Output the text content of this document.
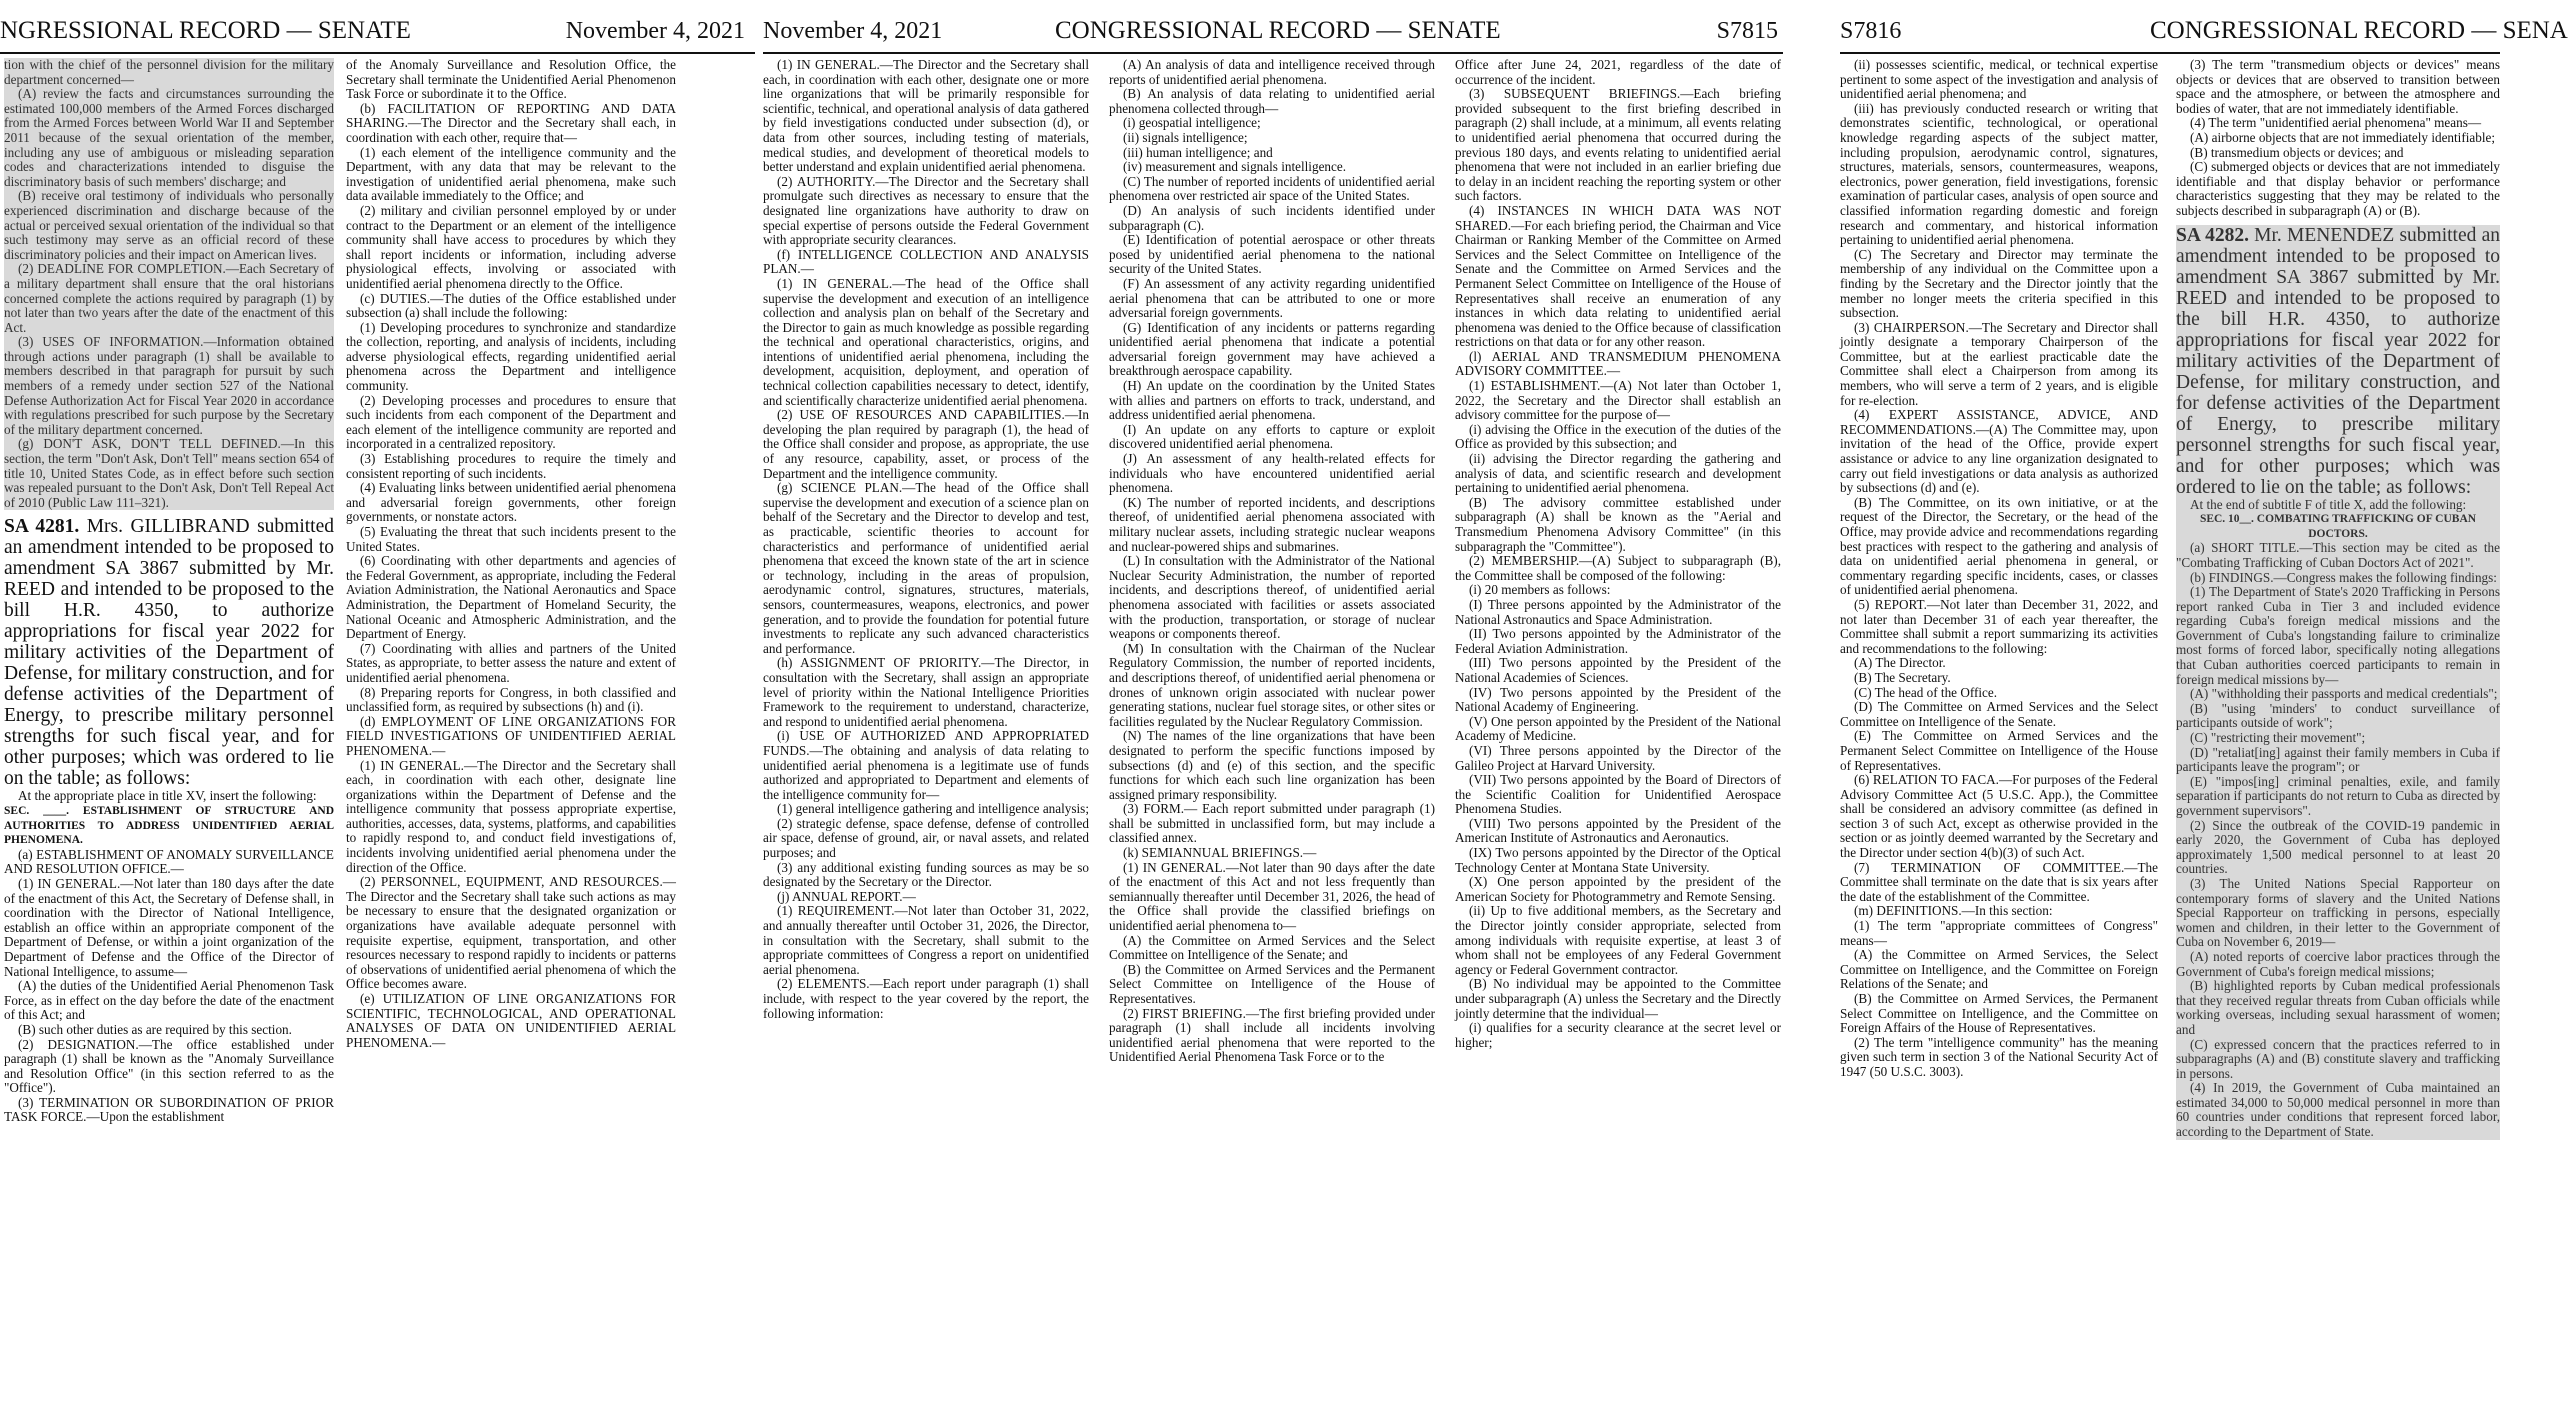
NGRESSIONAL RECORD — SENATE	November 4, 2021

tion with the chief of the personnel division for the military department concerned—

(A) review the facts and circumstances surrounding the estimated 100,000 members of the Armed Forces discharged from the Armed Forces between World War II and September 2011 because of the sexual orientation of the member, including any use of ambiguous or misleading separation codes and characterizations intended to disguise the discriminatory basis of such members' discharge; and

(B) receive oral testimony of individuals who personally experienced discrimination and discharge because of the actual or perceived sexual orientation of the individual so that such testimony may serve as an official record of these discriminatory policies and their impact on American lives.

(2) DEADLINE FOR COMPLETION.—Each Secretary of a military department shall ensure that the oral historians concerned complete the actions required by paragraph (1) by not later than two years after the date of the enactment of this Act.

(3) USES OF INFORMATION.—Information obtained through actions under paragraph (1) shall be available to members described in that paragraph for pursuit by such members of a remedy under section 527 of the National Defense Authorization Act for Fiscal Year 2020 in accordance with regulations prescribed for such purpose by the Secretary of the military department concerned.

(g) DON'T ASK, DON'T TELL DEFINED.—In this section, the term "Don't Ask, Don't Tell" means section 654 of title 10, United States Code, as in effect before such section was repealed pursuant to the Don't Ask, Don't Tell Repeal Act of 2010 (Public Law 111–321).

SA 4281. Mrs. GILLIBRAND submitted an amendment intended to be proposed to amendment SA 3867 submitted by Mr. REED and intended to be proposed to the bill H.R. 4350, to authorize appropriations for fiscal year 2022 for military activities of the Department of Defense, for military construction, and for defense activities of the Department of Energy, to prescribe military personnel strengths for such fiscal year, and for other purposes; which was ordered to lie on the table; as follows:

At the appropriate place in title XV, insert the following:

SEC. ____. ESTABLISHMENT OF STRUCTURE AND AUTHORITIES TO ADDRESS UNIDENTIFIED AERIAL PHENOMENA.

(a) ESTABLISHMENT OF ANOMALY SURVEILLANCE AND RESOLUTION OFFICE.—

(1) IN GENERAL.—Not later than 180 days after the date of the enactment of this Act, the Secretary of Defense shall, in coordination with the Director of National Intelligence, establish an office within an appropriate component of the Department of Defense, or within a joint organization of the Department of Defense and the Office of the Director of National Intelligence, to assume—

(A) the duties of the Unidentified Aerial Phenomenon Task Force, as in effect on the day before the date of the enactment of this Act; and

(B) such other duties as are required by this section.

(2) DESIGNATION.—The office established under paragraph (1) shall be known as the "Anomaly Surveillance and Resolution Office" (in this section referred to as the "Office").

(3) TERMINATION OR SUBORDINATION OF PRIOR TASK FORCE.—Upon the establishment

of the Anomaly Surveillance and Resolution Office, the Secretary shall terminate the Unidentified Aerial Phenomenon Task Force or subordinate it to the Office.

(b) FACILITATION OF REPORTING AND DATA SHARING.—The Director and the Secretary shall each, in coordination with each other, require that—

(1) each element of the intelligence community and the Department, with any data that may be relevant to the investigation of unidentified aerial phenomena, make such data available immediately to the Office; and

(2) military and civilian personnel employed by or under contract to the Department or an element of the intelligence community shall have access to procedures by which they shall report incidents or information, including adverse physiological effects, involving or associated with unidentified aerial phenomena directly to the Office.

(c) DUTIES.—The duties of the Office established under subsection (a) shall include the following:

(1) Developing procedures to synchronize and standardize the collection, reporting, and analysis of incidents, including adverse physiological effects, regarding unidentified aerial phenomena across the Department and intelligence community.

(2) Developing processes and procedures to ensure that such incidents from each component of the Department and each element of the intelligence community are reported and incorporated in a centralized repository.

(3) Establishing procedures to require the timely and consistent reporting of such incidents.

(4) Evaluating links between unidentified aerial phenomena and adversarial foreign governments, other foreign governments, or nonstate actors.

(5) Evaluating the threat that such incidents present to the United States.

(6) Coordinating with other departments and agencies of the Federal Government, as appropriate, including the Federal Aviation Administration, the National Aeronautics and Space Administration, the Department of Homeland Security, the National Oceanic and Atmospheric Administration, and the Department of Energy.

(7) Coordinating with allies and partners of the United States, as appropriate, to better assess the nature and extent of unidentified aerial phenomena.

(8) Preparing reports for Congress, in both classified and unclassified form, as required by subsections (h) and (i).

(d) EMPLOYMENT OF LINE ORGANIZATIONS FOR FIELD INVESTIGATIONS OF UNIDENTIFIED AERIAL PHENOMENA.—

(1) IN GENERAL.—The Director and the Secretary shall each, in coordination with each other, designate line organizations within the Department of Defense and the intelligence community that possess appropriate expertise, authorities, accesses, data, systems, platforms, and capabilities to rapidly respond to, and conduct field investigations of, incidents involving unidentified aerial phenomena under the direction of the Office.

(2) PERSONNEL, EQUIPMENT, AND RESOURCES.—The Director and the Secretary shall take such actions as may be necessary to ensure that the designated organization or organizations have available adequate personnel with requisite expertise, equipment, transportation, and other resources necessary to respond rapidly to incidents or patterns of observations of unidentified aerial phenomena of which the Office becomes aware.

(e) UTILIZATION OF LINE ORGANIZATIONS FOR SCIENTIFIC, TECHNOLOGICAL, AND OPERATIONAL ANALYSES OF DATA ON UNIDENTIFIED AERIAL PHENOMENA.—

November 4, 2021	CONGRESSIONAL RECORD — SENATE	S7815

(1) IN GENERAL.—The Director and the Secretary shall each, in coordination with each other, designate one or more line organizations that will be primarily responsible for scientific, technical, and operational analysis of data gathered by field investigations conducted under subsection (d), or data from other sources, including testing of materials, medical studies, and development of theoretical models to better understand and explain unidentified aerial phenomena.

(2) AUTHORITY.—The Director and the Secretary shall promulgate such directives as necessary to ensure that the designated line organizations have authority to draw on special expertise of persons outside the Federal Government with appropriate security clearances.

(f) INTELLIGENCE COLLECTION AND ANALYSIS PLAN.—

(1) IN GENERAL.—The head of the Office shall supervise the development and execution of an intelligence collection and analysis plan on behalf of the Secretary and the Director to gain as much knowledge as possible regarding the technical and operational characteristics, origins, and intentions of unidentified aerial phenomena, including the development, acquisition, deployment, and operation of technical collection capabilities necessary to detect, identify, and scientifically characterize unidentified aerial phenomena.

(2) USE OF RESOURCES AND CAPABILITIES.—In developing the plan required by paragraph (1), the head of the Office shall consider and propose, as appropriate, the use of any resource, capability, asset, or process of the Department and the intelligence community.

(g) SCIENCE PLAN.—The head of the Office shall supervise the development and execution of a science plan on behalf of the Secretary and the Director to develop and test, as practicable, scientific theories to account for characteristics and performance of unidentified aerial phenomena that exceed the known state of the art in science or technology, including in the areas of propulsion, aerodynamic control, signatures, structures, materials, sensors, countermeasures, weapons, electronics, and power generation, and to provide the foundation for potential future investments to replicate any such advanced characteristics and performance.

(h) ASSIGNMENT OF PRIORITY.—The Director, in consultation with the Secretary, shall assign an appropriate level of priority within the National Intelligence Priorities Framework to the requirement to understand, characterize, and respond to unidentified aerial phenomena.

(i) USE OF AUTHORIZED AND APPROPRIATED FUNDS.—The obtaining and analysis of data relating to unidentified aerial phenomena is a legitimate use of funds authorized and appropriated to Department and elements of the intelligence community for—

(1) general intelligence gathering and intelligence analysis;

(2) strategic defense, space defense, defense of controlled air space, defense of ground, air, or naval assets, and related purposes; and

(3) any additional existing funding sources as may be so designated by the Secretary or the Director.

(j) ANNUAL REPORT.—

(1) REQUIREMENT.—Not later than October 31, 2022, and annually thereafter until October 31, 2026, the Director, in consultation with the Secretary, shall submit to the appropriate committees of Congress a report on unidentified aerial phenomena.

(2) ELEMENTS.—Each report under paragraph (1) shall include, with respect to the year covered by the report, the following information:

(A) An analysis of data and intelligence received through reports of unidentified aerial phenomena.

(B) An analysis of data relating to unidentified aerial phenomena collected through—

(i) geospatial intelligence;

(ii) signals intelligence;

(iii) human intelligence; and

(iv) measurement and signals intelligence.

(C) The number of reported incidents of unidentified aerial phenomena over restricted air space of the United States.

(D) An analysis of such incidents identified under subparagraph (C).

(E) Identification of potential aerospace or other threats posed by unidentified aerial phenomena to the national security of the United States.

(F) An assessment of any activity regarding unidentified aerial phenomena that can be attributed to one or more adversarial foreign governments.

(G) Identification of any incidents or patterns regarding unidentified aerial phenomena that indicate a potential adversarial foreign government may have achieved a breakthrough aerospace capability.

(H) An update on the coordination by the United States with allies and partners on efforts to track, understand, and address unidentified aerial phenomena.

(I) An update on any efforts to capture or exploit discovered unidentified aerial phenomena.

(J) An assessment of any health-related effects for individuals who have encountered unidentified aerial phenomena.

(K) The number of reported incidents, and descriptions thereof, of unidentified aerial phenomena associated with military nuclear assets, including strategic nuclear weapons and nuclear-powered ships and submarines.

(L) In consultation with the Administrator of the National Nuclear Security Administration, the number of reported incidents, and descriptions thereof, of unidentified aerial phenomena associated with facilities or assets associated with the production, transportation, or storage of nuclear weapons or components thereof.

(M) In consultation with the Chairman of the Nuclear Regulatory Commission, the number of reported incidents, and descriptions thereof, of unidentified aerial phenomena or drones of unknown origin associated with nuclear power generating stations, nuclear fuel storage sites, or other sites or facilities regulated by the Nuclear Regulatory Commission.

(N) The names of the line organizations that have been designated to perform the specific functions imposed by subsections (d) and (e) of this section, and the specific functions for which each such line organization has been assigned primary responsibility.

(3) FORM.— Each report submitted under paragraph (1) shall be submitted in unclassified form, but may include a classified annex.

(k) SEMIANNUAL BRIEFINGS.—

(1) IN GENERAL.—Not later than 90 days after the date of the enactment of this Act and not less frequently than semiannually thereafter until December 31, 2026, the head of the Office shall provide the classified briefings on unidentified aerial phenomena to—

(A) the Committee on Armed Services and the Select Committee on Intelligence of the Senate; and

(B) the Committee on Armed Services and the Permanent Select Committee on Intelligence of the House of Representatives.

(2) FIRST BRIEFING.—The first briefing provided under paragraph (1) shall include all incidents involving unidentified aerial phenomena that were reported to the Unidentified Aerial Phenomena Task Force or to the

Office after June 24, 2021, regardless of the date of occurrence of the incident.

(3) SUBSEQUENT BRIEFINGS.—Each briefing provided subsequent to the first briefing described in paragraph (2) shall include, at a minimum, all events relating to unidentified aerial phenomena that occurred during the previous 180 days, and events relating to unidentified aerial phenomena that were not included in an earlier briefing due to delay in an incident reaching the reporting system or other such factors.

(4) INSTANCES IN WHICH DATA WAS NOT SHARED.—For each briefing period, the Chairman and Vice Chairman or Ranking Member of the Committee on Armed Services and the Select Committee on Intelligence of the Senate and the Committee on Armed Services and the Permanent Select Committee on Intelligence of the House of Representatives shall receive an enumeration of any instances in which data relating to unidentified aerial phenomena was denied to the Office because of classification restrictions on that data or for any other reason.

(l) AERIAL AND TRANSMEDIUM PHENOMENA ADVISORY COMMITTEE.—

(1) ESTABLISHMENT.—(A) Not later than October 1, 2022, the Secretary and the Director shall establish an advisory committee for the purpose of—

(i) advising the Office in the execution of the duties of the Office as provided by this subsection; and

(ii) advising the Director regarding the gathering and analysis of data, and scientific research and development pertaining to unidentified aerial phenomena.

(B) The advisory committee established under subparagraph (A) shall be known as the "Aerial and Transmedium Phenomena Advisory Committee" (in this subparagraph the "Committee").

(2) MEMBERSHIP.—(A) Subject to subparagraph (B), the Committee shall be composed of the following:

(i) 20 members as follows:

(I) Three persons appointed by the Administrator of the National Astronautics and Space Administration.

(II) Two persons appointed by the Administrator of the Federal Aviation Administration.

(III) Two persons appointed by the President of the National Academies of Sciences.

(IV) Two persons appointed by the President of the National Academy of Engineering.

(V) One person appointed by the President of the National Academy of Medicine.

(VI) Three persons appointed by the Director of the Galileo Project at Harvard University.

(VII) Two persons appointed by the Board of Directors of the Scientific Coalition for Unidentified Aerospace Phenomena Studies.

(VIII) Two persons appointed by the President of the American Institute of Astronautics and Aeronautics.

(IX) Two persons appointed by the Director of the Optical Technology Center at Montana State University.

(X) One person appointed by the president of the American Society for Photogrammetry and Remote Sensing.

(ii) Up to five additional members, as the Secretary and the Director jointly consider appropriate, selected from among individuals with requisite expertise, at least 3 of whom shall not be employees of any Federal Government agency or Federal Government contractor.

(B) No individual may be appointed to the Committee under subparagraph (A) unless the Secretary and the Directly jointly determine that the individual—

(i) qualifies for a security clearance at the secret level or higher;

S7816	CONGRESSIONAL RECORD — SENA

(ii) possesses scientific, medical, or technical expertise pertinent to some aspect of the investigation and analysis of unidentified aerial phenomena; and

(iii) has previously conducted research or writing that demonstrates scientific, technological, or operational knowledge regarding aspects of the subject matter, including propulsion, aerodynamic control, signatures, structures, materials, sensors, countermeasures, weapons, electronics, power generation, field investigations, forensic examination of particular cases, analysis of open source and classified information regarding domestic and foreign research and commentary, and historical information pertaining to unidentified aerial phenomena.

(C) The Secretary and Director may terminate the membership of any individual on the Committee upon a finding by the Secretary and the Director jointly that the member no longer meets the criteria specified in this subsection.

(3) CHAIRPERSON.—The Secretary and Director shall jointly designate a temporary Chairperson of the Committee, but at the earliest practicable date the Committee shall elect a Chairperson from among its members, who will serve a term of 2 years, and is eligible for re-election.

(4) EXPERT ASSISTANCE, ADVICE, AND RECOMMENDATIONS.—(A) The Committee may, upon invitation of the head of the Office, provide expert assistance or advice to any line organization designated to carry out field investigations or data analysis as authorized by subsections (d) and (e).

(B) The Committee, on its own initiative, or at the request of the Director, the Secretary, or the head of the Office, may provide advice and recommendations regarding best practices with respect to the gathering and analysis of data on unidentified aerial phenomena in general, or commentary regarding specific incidents, cases, or classes of unidentified aerial phenomena.

(5) REPORT.—Not later than December 31, 2022, and not later than December 31 of each year thereafter, the Committee shall submit a report summarizing its activities and recommendations to the following:

(A) The Director.

(B) The Secretary.

(C) The head of the Office.

(D) The Committee on Armed Services and the Select Committee on Intelligence of the Senate.

(E) The Committee on Armed Services and the Permanent Select Committee on Intelligence of the House of Representatives.

(6) RELATION TO FACA.—For purposes of the Federal Advisory Committee Act (5 U.S.C. App.), the Committee shall be considered an advisory committee (as defined in section 3 of such Act, except as otherwise provided in the section or as jointly deemed warranted by the Secretary and the Director under section 4(b)(3) of such Act.

(7) TERMINATION OF COMMITTEE.—The Committee shall terminate on the date that is six years after the date of the establishment of the Committee.

(m) DEFINITIONS.—In this section:

(1) The term "appropriate committees of Congress" means—

(A) the Committee on Armed Services, the Select Committee on Intelligence, and the Committee on Foreign Relations of the Senate; and

(B) the Committee on Armed Services, the Permanent Select Committee on Intelligence, and the Committee on Foreign Affairs of the House of Representatives.

(2) The term "intelligence community" has the meaning given such term in section 3 of the National Security Act of 1947 (50 U.S.C. 3003).

(3) The term "transmedium objects or devices" means objects or devices that are observed to transition between space and the atmosphere, or between the atmosphere and bodies of water, that are not immediately identifiable.

(4) The term "unidentified aerial phenomena" means—

(A) airborne objects that are not immediately identifiable;

(B) transmedium objects or devices; and

(C) submerged objects or devices that are not immediately identifiable and that display behavior or performance characteristics suggesting that they may be related to the subjects described in subparagraph (A) or (B).

SA 4282. Mr. MENENDEZ submitted an amendment intended to be proposed to amendment SA 3867 submitted by Mr. REED and intended to be proposed to the bill H.R. 4350, to authorize appropriations for fiscal year 2022 for military activities of the Department of Defense, for military construction, and for defense activities of the Department of Energy, to prescribe military personnel strengths for such fiscal year, and for other purposes; which was ordered to lie on the table; as follows:

At the end of subtitle F of title X, add the following:

SEC. 10__. COMBATING TRAFFICKING OF CUBAN DOCTORS.

(a) SHORT TITLE.—This section may be cited as the "Combating Trafficking of Cuban Doctors Act of 2021".

(b) FINDINGS.—Congress makes the following findings:

(1) The Department of State's 2020 Trafficking in Persons report ranked Cuba in Tier 3 and included evidence regarding Cuba's foreign medical missions and the Government of Cuba's longstanding failure to criminalize most forms of forced labor, specifically noting allegations that Cuban authorities coerced participants to remain in foreign medical missions by—

(A) "withholding their passports and medical credentials";

(B) "using 'minders' to conduct surveillance of participants outside of work";

(C) "restricting their movement";

(D) "retaliat[ing] against their family members in Cuba if participants leave the program"; or

(E) "impos[ing] criminal penalties, exile, and family separation if participants do not return to Cuba as directed by government supervisors".

(2) Since the outbreak of the COVID-19 pandemic in early 2020, the Government of Cuba has deployed approximately 1,500 medical personnel to at least 20 countries.

(3) The United Nations Special Rapporteur on contemporary forms of slavery and the United Nations Special Rapporteur on trafficking in persons, especially women and children, in their letter to the Government of Cuba on November 6, 2019—

(A) noted reports of coercive labor practices through the Government of Cuba's foreign medical missions;

(B) highlighted reports by Cuban medical professionals that they received regular threats from Cuban officials while working overseas, including sexual harassment of women; and

(C) expressed concern that the practices referred to in subparagraphs (A) and (B) constitute slavery and trafficking in persons.

(4) In 2019, the Government of Cuba maintained an estimated 34,000 to 50,000 medical personnel in more than 60 countries under conditions that represent forced labor, according to the Department of State.
